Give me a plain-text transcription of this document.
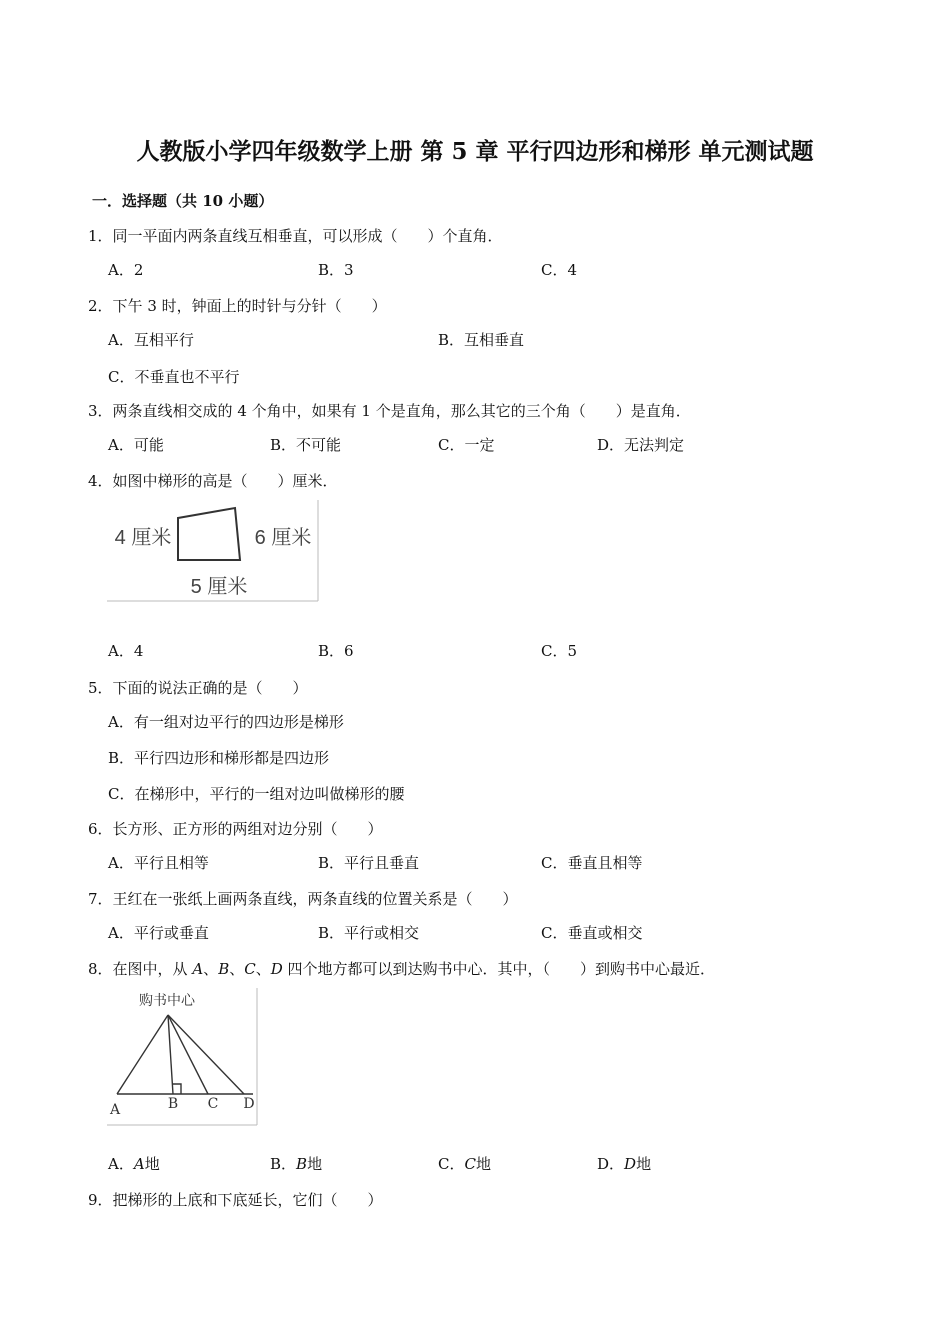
人教版小学四年级数学上册 第 5 章 平行四边形和梯形 单元测试题
一．选择题（共 10 小题）
1．同一平面内两条直线互相垂直，可以形成（　　）个直角．
A．2	B．3	C．4
2．下午 3 时，钟面上的时针与分针（　　）
A．互相平行	B．互相垂直
C．不垂直也不平行
3．两条直线相交成的 4 个角中，如果有 1 个是直角，那么其它的三个角（　　）是直角．
A．可能	B．不可能	C．一定	D．无法判定
4．如图中梯形的高是（　　）厘米．
4 厘米	6 厘米
5 厘米
A．4	B．6	C．5
5．下面的说法正确的是（　　）
A．有一组对边平行的四边形是梯形
B．平行四边形和梯形都是四边形
C．在梯形中，平行的一组对边叫做梯形的腰
6．长方形、正方形的两组对边分别（　　）
A．平行且相等	B．平行且垂直	C．垂直且相等
7．王红在一张纸上画两条直线，两条直线的位置关系是（　　）
A．平行或垂直	B．平行或相交	C．垂直或相交
8．在图中，从 A、B、C、D 四个地方都可以到达购书中心．其中，（　　）到购书中心最近．
购书中心
A	B C D
A．A地	B．B地	C．C地	D．D地
9．把梯形的上底和下底延长，它们（　　）
